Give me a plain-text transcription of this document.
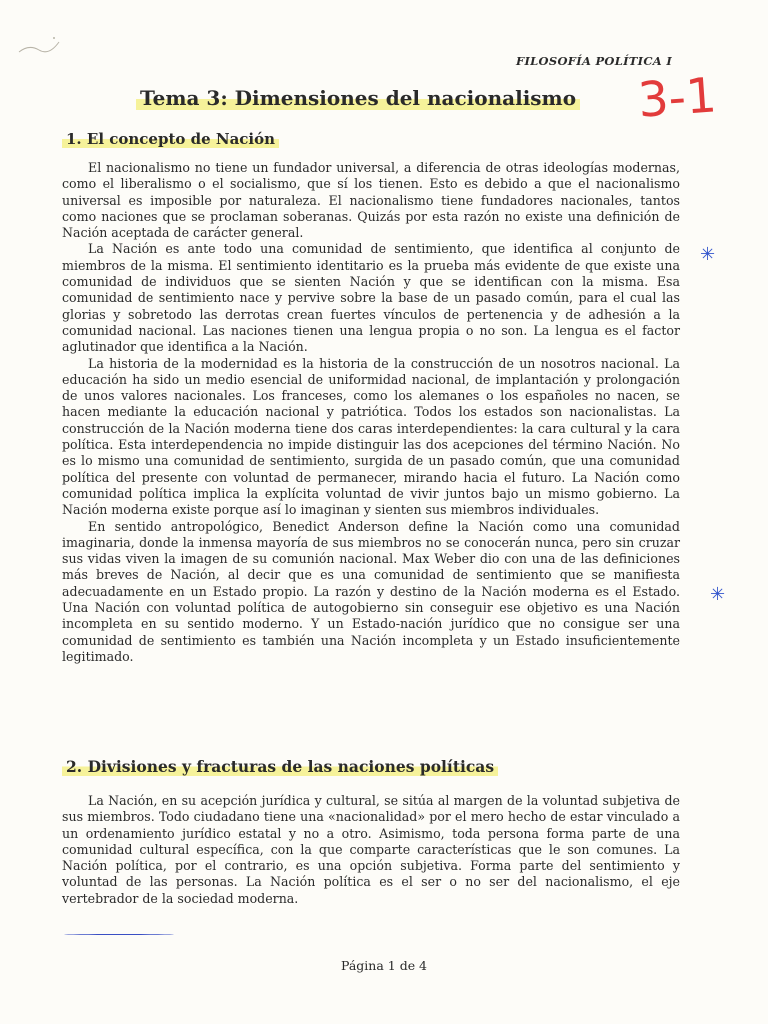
FILOSOFÍA POLÍTICA I
3-1
Tema 3: Dimensiones del nacionalismo
1. El concepto de Nación

El nacionalismo no tiene un fundador universal, a diferencia de otras ideologías modernas, como el liberalismo o el socialismo, que sí los tienen. Esto es debido a que el nacionalismo universal es imposible por naturaleza. El nacionalismo tiene fundadores nacionales, tantos como naciones que se proclaman soberanas. Quizás por esta razón no existe una definición de Nación aceptada de carácter general.

La Nación es ante todo una comunidad de sentimiento, que identifica al conjunto de miembros de la misma. El sentimiento identitario es la prueba más evidente de que existe una comunidad de individuos que se sienten Nación y que se identifican con la misma. Esa comunidad de sentimiento nace y pervive sobre la base de un pasado común, para el cual las glorias y sobretodo las derrotas crean fuertes vínculos de pertenencia y de adhesión a la comunidad nacional. Las naciones tienen una lengua propia o no son. La lengua es el factor aglutinador que identifica a la Nación.

La historia de la modernidad es la historia de la construcción de un nosotros nacional. La educación ha sido un medio esencial de uniformidad nacional, de implantación y prolongación de unos valores nacionales. Los franceses, como los alemanes o los españoles no nacen, se hacen mediante la educación nacional y patriótica. Todos los estados son nacionalistas. La construcción de la Nación moderna tiene dos caras interdependientes: la cara cultural y la cara política. Esta interdependencia no impide distinguir las dos acepciones del término Nación. No es lo mismo una comunidad de sentimiento, surgida de un pasado común, que una comunidad política del presente con voluntad de permanecer, mirando hacia el futuro. La Nación como comunidad política implica la explícita voluntad de vivir juntos bajo un mismo gobierno. La Nación moderna existe porque así lo imaginan y sienten sus miembros individuales.

En sentido antropológico, Benedict Anderson define la Nación como una comunidad imaginaria, donde la inmensa mayoría de sus miembros no se conocerán nunca, pero sin cruzar sus vidas viven la imagen de su comunión nacional. Max Weber dio con una de las definiciones más breves de Nación, al decir que es una comunidad de sentimiento que se manifiesta adecuadamente en un Estado propio. La razón y destino de la Nación moderna es el Estado. Una Nación con voluntad política de autogobierno sin conseguir ese objetivo es una Nación incompleta en su sentido moderno. Y un Estado-nación jurídico que no consigue ser una comunidad de sentimiento es también una Nación incompleta y un Estado insuficientemente legitimado.

✳
✳
2. Divisiones y fracturas de las naciones políticas

La Nación, en su acepción jurídica y cultural, se sitúa al margen de la voluntad subjetiva de sus miembros. Todo ciudadano tiene una «nacionalidad» por el mero hecho de estar vinculado a un ordenamiento jurídico estatal y no a otro. Asimismo, toda persona forma parte de una comunidad cultural específica, con la que comparte características que le son comunes. La Nación política, por el contrario, es una opción subjetiva. Forma parte del sentimiento y voluntad de las personas. La Nación política es el ser o no ser del nacionalismo, el eje vertebrador de la sociedad moderna.

Página 1 de 4
